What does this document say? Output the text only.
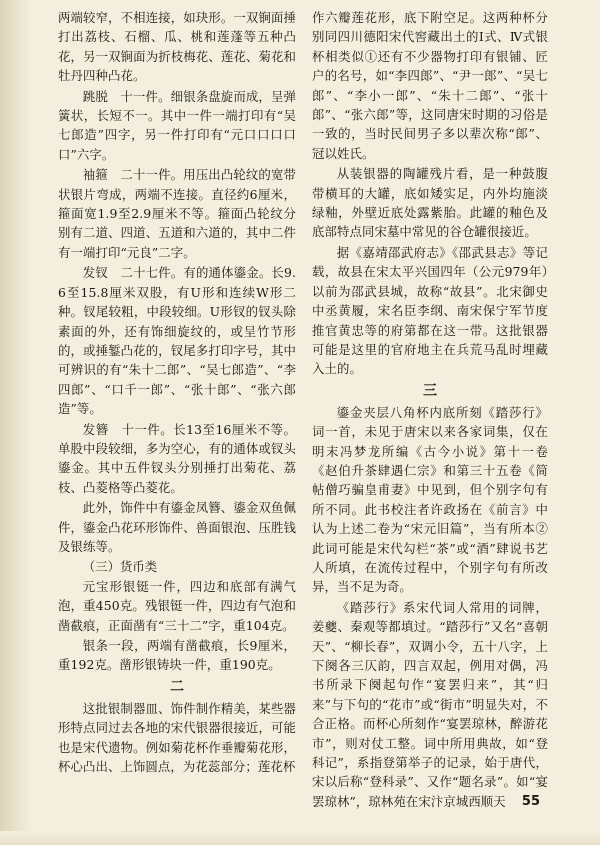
两端较窄，不相连接，如玦形。一双锏面捶打出荔枝、石榴、瓜、桃和莲蓬等五种凸花，另一双锏面为折枝梅花、莲花、菊花和牡丹四种凸花。

跳脱　十一件。细银条盘旋而成，呈弹簧状，长短不一。其中一件一端打印有“吴七郎造”四字，另一件打印有“元口口口口口”六字。

袖箍　二十一件。用压出凸轮纹的宽带状银片弯成，两端不连接。直径约6厘米，箍面宽1.9至2.9厘米不等。箍面凸轮纹分别有二道、四道、五道和六道的，其中二件有一端打印“元良”二字。

发钗　二十七件。有的通体鎏金。长9.6至15.8厘米双股，有U形和连续W形二种。钗尾较粗，中段较细。U形钗的钗头除素面的外，还有饰细旋纹的，或呈竹节形的，或捶錾凸花的，钗尾多打印字号，其中可辨识的有“朱十二郎”、“吴七郎造”、“李四郎”、“口千一郎”、“张十郎”、“张六郎造”等。

发簪　十一件。长13至16厘米不等。单股中段较细，多为空心，有的通体或钗头鎏金。其中五件钗头分别捶打出菊花、荔枝、凸菱格等凸菱花。

此外，饰件中有鎏金凤簪、鎏金双鱼佩件，鎏金凸花环形饰件、兽面银泡、压胜钱及银练等。

（三）货币类

元宝形银铤一件，四边和底部有满气泡，重450克。残银铤一件，四边有气泡和凿截痕，正面凿有“三十二”字，重104克。

银条一段，两端有凿截痕，长9厘米，重192克。凿形银铸块一件，重190克。

二

这批银制器皿、饰件制作精美，某些器形特点同过去各地的宋代银器很接近，可能也是宋代遗物。例如菊花杯作垂瓣菊花形，杯心凸出、上饰圆点，为花蕊部分；莲花杯

作六瓣莲花形，底下附空足。这两种杯分别同四川德阳宋代窖藏出土的Ⅰ式、Ⅳ式银杯相类似①还有不少器物打印有银铺、匠户的名号，如“李四郎”、“尹一郎”、“吴七郎”、“李小一郎”、“朱十二郎”、“张十郎”、“张六郎”等，这同唐宋时期的习俗是一致的，当时民间男子多以辈次称“郎”、冠以姓氏。

从装银器的陶罐残片看，是一种鼓腹带横耳的大罐，底如矮实足，内外均施淡绿釉，外壁近底处露紫胎。此罐的釉色及底部特点同宋墓中常见的谷仓罐很接近。

据《嘉靖邵武府志》《邵武县志》等记载，故县在宋太平兴国四年（公元979年）以前为邵武县城，故称“故县”。北宋御史中丞黄履，宋名臣李纲、南宋保宁军节度推官黄忠等的府第都在这一带。这批银器可能是这里的官府地主在兵荒马乱时埋藏入土的。

三

鎏金夹层八角杯内底所刻《踏莎行》词一首，未见于唐宋以来各家词集，仅在明末冯梦龙所编《古今小说》第十一卷《赵伯升茶肆遇仁宗》和第三十五卷《简帖僧巧骗皇甫妻》中见到，但个别字句有所不同。此书校注者许政扬在《前言》中认为上述二卷为“宋元旧篇”，当有所本②此词可能是宋代勾栏“茶”或“酒”肆说书艺人所填，在流传过程中，个别字句有所改异，当不足为奇。

《踏莎行》系宋代词人常用的词牌，姜夔、秦观等都填过。“踏莎行”又名“喜朝天”、“柳长春”，双调小令，五十八字，上下阕各三仄韵，四言双起，例用对偶，冯书所录下阕起句作“宴罢归来”，其“归来”与下句的“花市”或“街市”明显失对，不合正格。而杯心所刻作“宴罢琼林，醉游花市”，则对仗工整。词中所用典故，如“登科记”，系指登第举子的记录，始于唐代，宋以后称“登科录”、又作“题名录”。如“宴罢琼林”，琼林苑在宋汴京城西顺天	55
